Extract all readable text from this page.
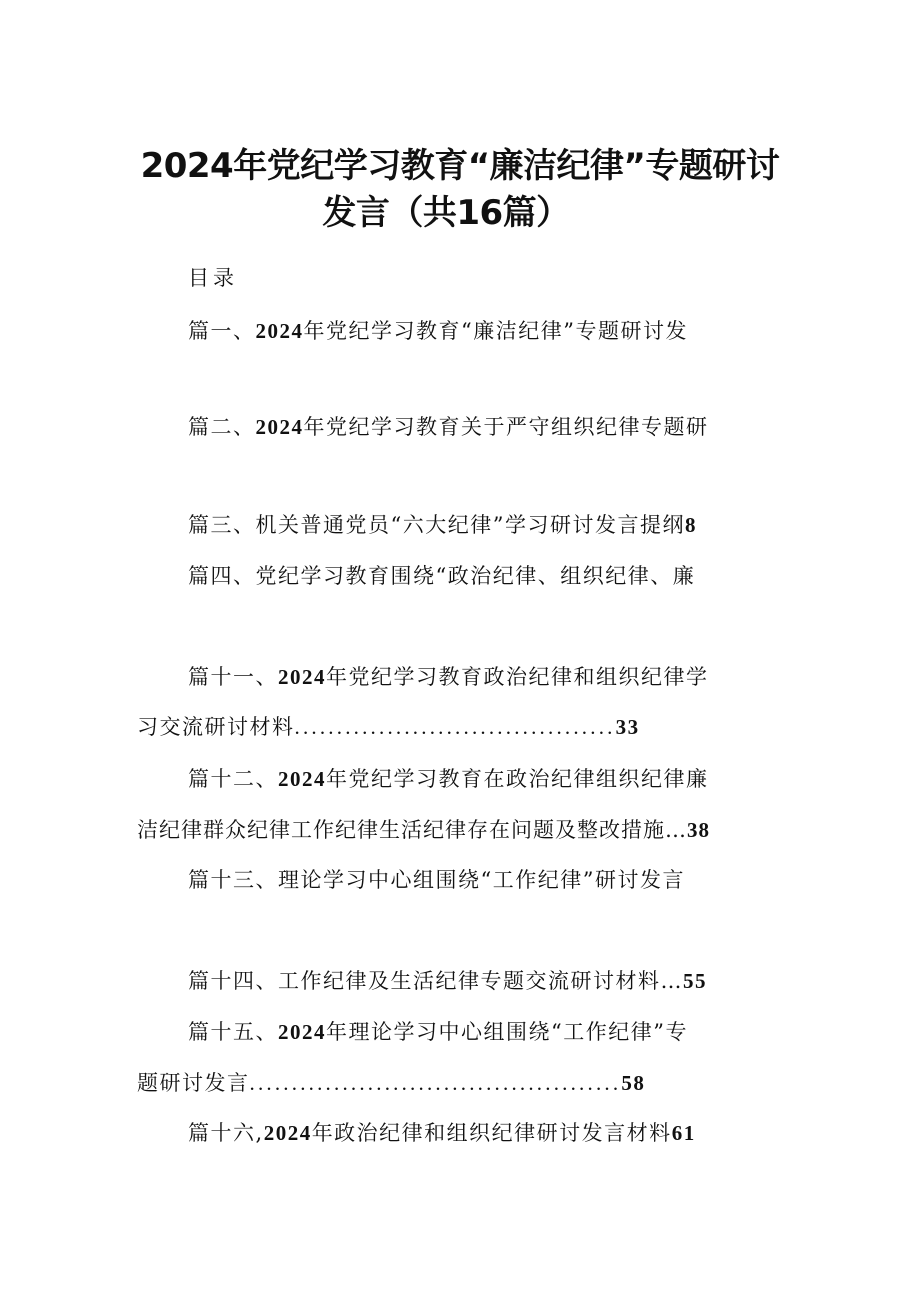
2024年党纪学习教育“廉洁纪律”专题研讨
发言（共16篇）
目录
篇一、2024年党纪学习教育“廉洁纪律”专题研讨发
篇二、2024年党纪学习教育关于严守组织纪律专题研
篇三、机关普通党员“六大纪律”学习研讨发言提纲8
篇四、党纪学习教育围绕“政治纪律、组织纪律、廉
篇十一、2024年党纪学习教育政治纪律和组织纪律学
习交流研讨材料......................................33
篇十二、2024年党纪学习教育在政治纪律组织纪律廉
洁纪律群众纪律工作纪律生活纪律存在问题及整改措施…38
篇十三、理论学习中心组围绕“工作纪律”研讨发言
篇十四、工作纪律及生活纪律专题交流研讨材料…55
篇十五、2024年理论学习中心组围绕“工作纪律”专
题研讨发言............................................58
篇十六,2024年政治纪律和组织纪律研讨发言材料61
